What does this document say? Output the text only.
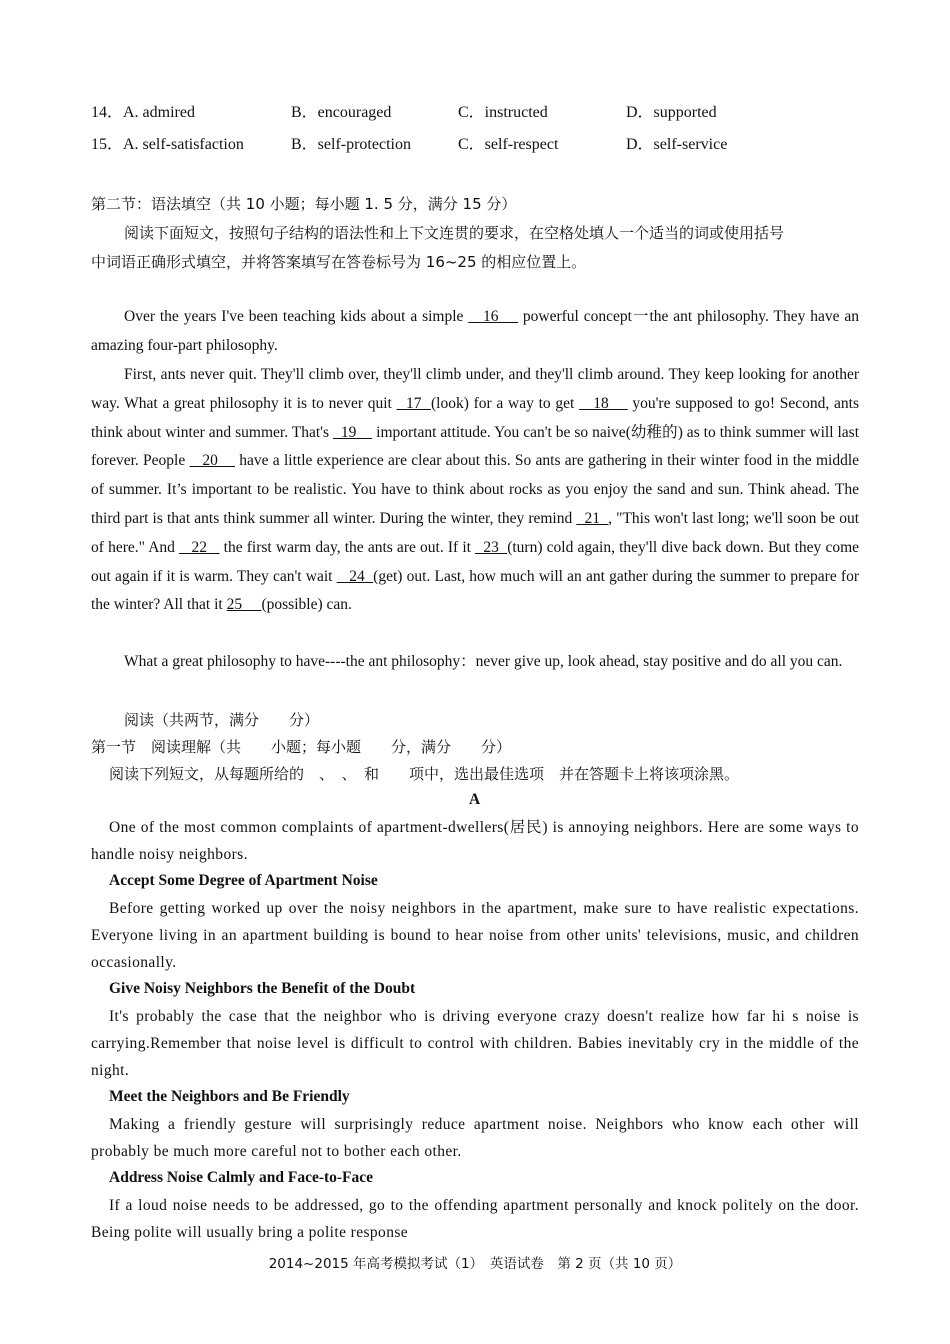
14．A. admired	B．encouraged	C．instructed	D．supported
15．A. self-satisfaction	B．self-protection	C．self-respect	D．self-service
第二节：语法填空（共 10 小题；每小题 1. 5 分，满分 15 分）
阅读下面短文，按照句子结构的语法性和上下文连贯的要求，在空格处填人一个适当的词或使用括号
中词语正确形式填空，并将答案填写在答卷标号为 16~25 的相应位置上。
Over the years I've been teaching kids about a simple    16     powerful concept一the ant philosophy. They have an amazing four-part philosophy.
First, ants never quit. They'll climb over, they'll climb under, and they'll climb around. They keep looking for another way. What a great philosophy it is to never quit   17  (look) for a way to get    18     you're supposed to go! Second, ants think about winter and summer. That's   19     important attitude. You can't be so naive(幼稚的) as to think summer will last forever. People    20     have a little experience are clear about this. So ants are gathering in their winter food in the middle of summer. It’s important to be realistic. You have to think about rocks as you enjoy the sand and sun. Think ahead. The third part is that ants think summer all winter. During the winter, they remind   21  , "This won't last long; we'll soon be out of here." And    22    the first warm day, the ants are out. If it   23  (turn) cold again, they'll dive back down. But they come out again if it is warm. They can't wait    24  (get) out. Last, how much will an ant gather during the summer to prepare for the winter? All that it 25     (possible) can.
What a great philosophy to have----the ant philosophy：never give up, look ahead, stay positive and do all you can.
阅读（共两节，满分　　分）
第一节　阅读理解（共　　小题；每小题　　分，满分　　分）
阅读下列短文，从每题所给的　、　、　和　　项中，选出最佳选项　并在答题卡上将该项涂黑。
A
One of the most common complaints of apartment-dwellers(居民) is annoying neighbors. Here are some ways to handle noisy neighbors.
Accept Some Degree of Apartment Noise
Before getting worked up over the noisy neighbors in the apartment, make sure to have realistic expectations. Everyone living in an apartment building is bound to hear noise from other units' televisions, music, and children occasionally.
Give Noisy Neighbors the Benefit of the Doubt
It's probably the case that the neighbor who is driving everyone crazy doesn't realize how far hi s noise is carrying.Remember that noise level is difficult to control with children. Babies inevitably cry in the middle of the night.
Meet the Neighbors and Be Friendly
Making a friendly gesture will surprisingly reduce apartment noise. Neighbors who know each other will probably be much more careful not to bother each other.
Address Noise Calmly and Face-to-Face
If a loud noise needs to be addressed, go to the offending apartment personally and knock politely on the door. Being polite will usually bring a polite response
2014~2015 年高考模拟考试（1）　英语试卷　第 2 页（共 10 页）
